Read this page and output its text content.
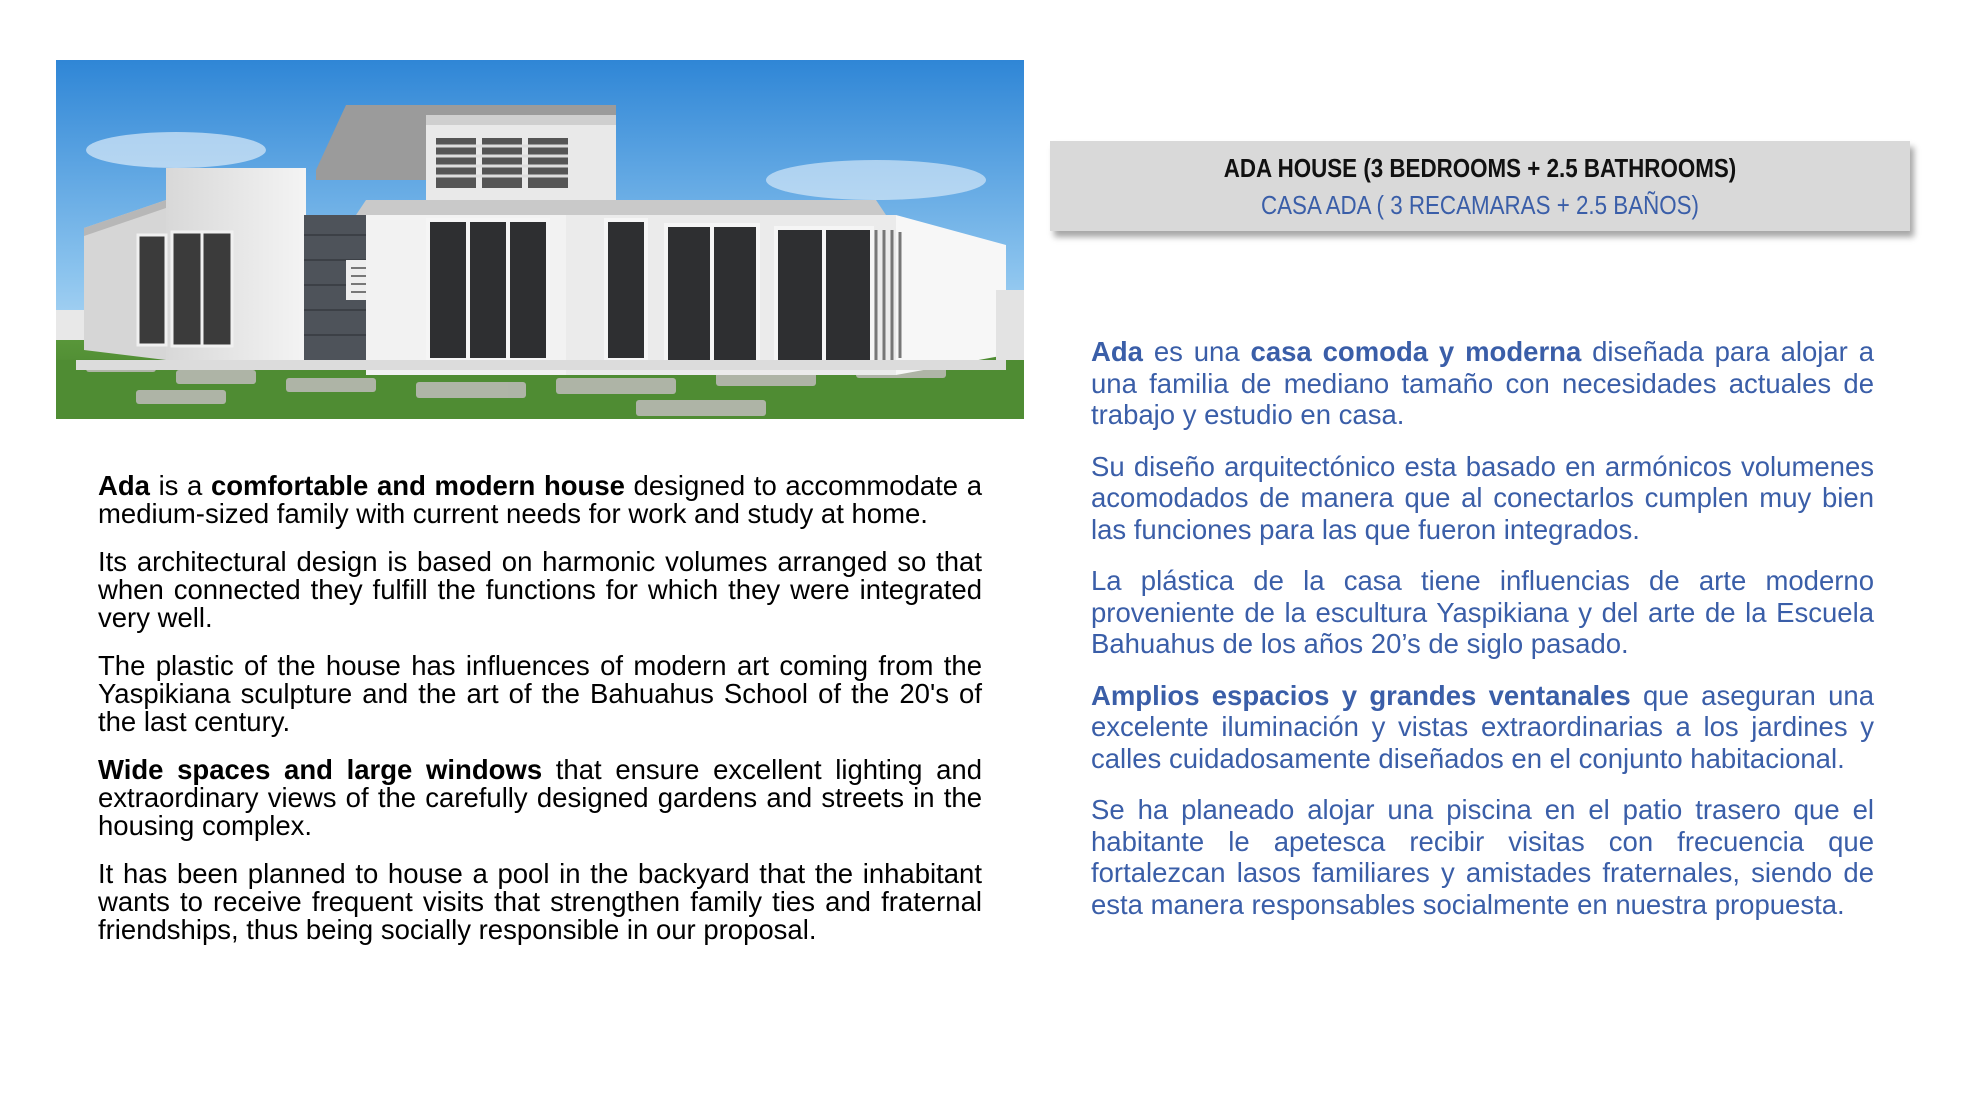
ADA HOUSE (3 BEDROOMS + 2.5 BATHROOMS)
CASA ADA ( 3 RECAMARAS + 2.5 BAÑOS)

Ada is a comfortable and modern house designed to accommodate a medium-sized family with current needs for work and study at home.

Its architectural design is based on harmonic volumes arranged so that when connected they fulfill the functions for which they were integrated very well.

The plastic of the house has influences of modern art coming from the Yaspikiana sculpture and the art of the Bahuahus School of the 20's of the last century.

Wide spaces and large windows that ensure excellent lighting and extraordinary views of the carefully designed gardens and streets in the housing complex.

It has been planned to house a pool in the backyard that the inhabitant wants to receive frequent visits that strengthen family ties and fraternal friendships, thus being socially responsible in our proposal.

Ada es una casa comoda y moderna diseñada para alojar a una familia de mediano tamaño con necesidades actuales de trabajo y estudio en casa.

Su diseño arquitectónico esta basado en armónicos volumenes acomodados de manera que al conectarlos cumplen muy bien las funciones para las que fueron integrados.

La plástica de la casa tiene influencias de arte moderno proveniente de la escultura Yaspikiana y del arte de la Escuela Bahuahus de los años 20’s de siglo pasado.

Amplios espacios y grandes ventanales que aseguran una excelente iluminación y vistas extraordinarias a los jardines y calles cuidadosamente diseñados en el conjunto habitacional.

Se ha planeado alojar una piscina en el patio trasero que el habitante le apetesca recibir visitas con frecuencia que fortalezcan lasos familiares y amistades fraternales, siendo de esta manera responsables socialmente en nuestra propuesta.
